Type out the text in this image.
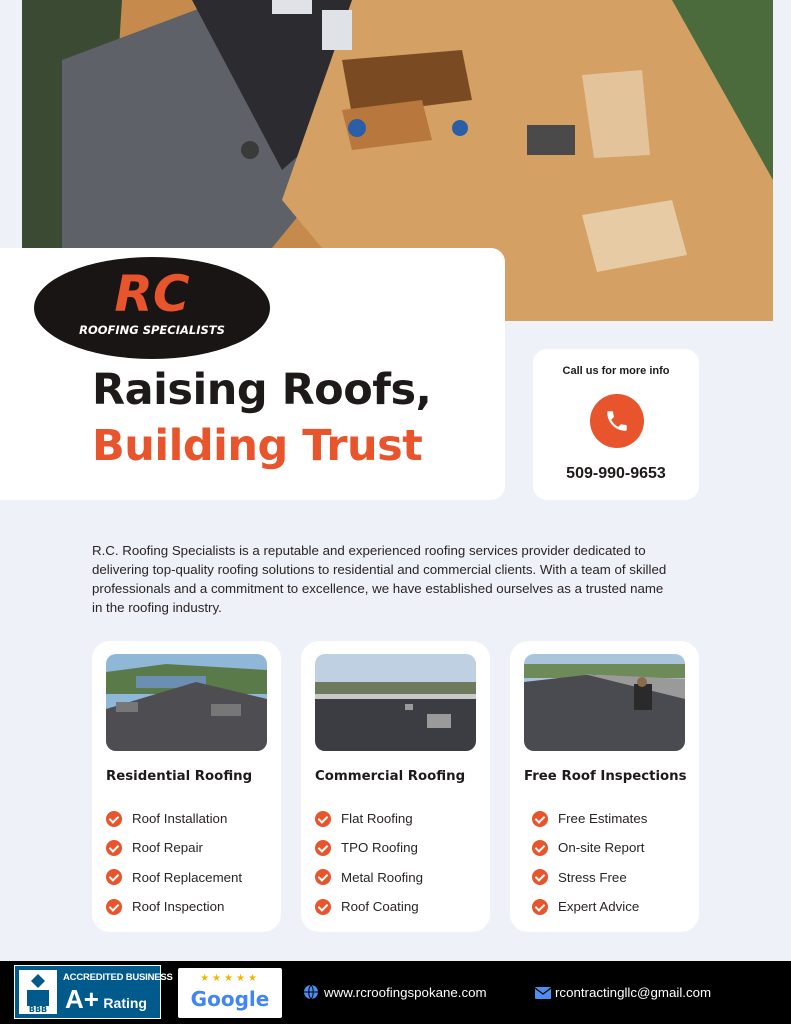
RC
ROOFING SPECIALISTS
Raising Roofs,
Building Trust
Call us for more info
509-990-9653

R.C. Roofing Specialists is a reputable and experienced roofing services provider dedicated to delivering top-quality roofing solutions to residential and commercial clients. With a team of skilled professionals and a commitment to excellence, we have established ourselves as a trusted name in the roofing industry.

Residential Roofing
Roof Installation
Roof Repair
Roof Replacement
Roof Inspection
Commercial Roofing
Flat Roofing
TPO Roofing
Metal Roofing
Roof Coating
Free Roof Inspections
Free Estimates
On-site Report
Stress Free
Expert Advice
BBB
ACCREDITED BUSINESS
A+ Rating
★★★★★
Google	www.rcroofingspokane.com	rcontractingllc@gmail.com
